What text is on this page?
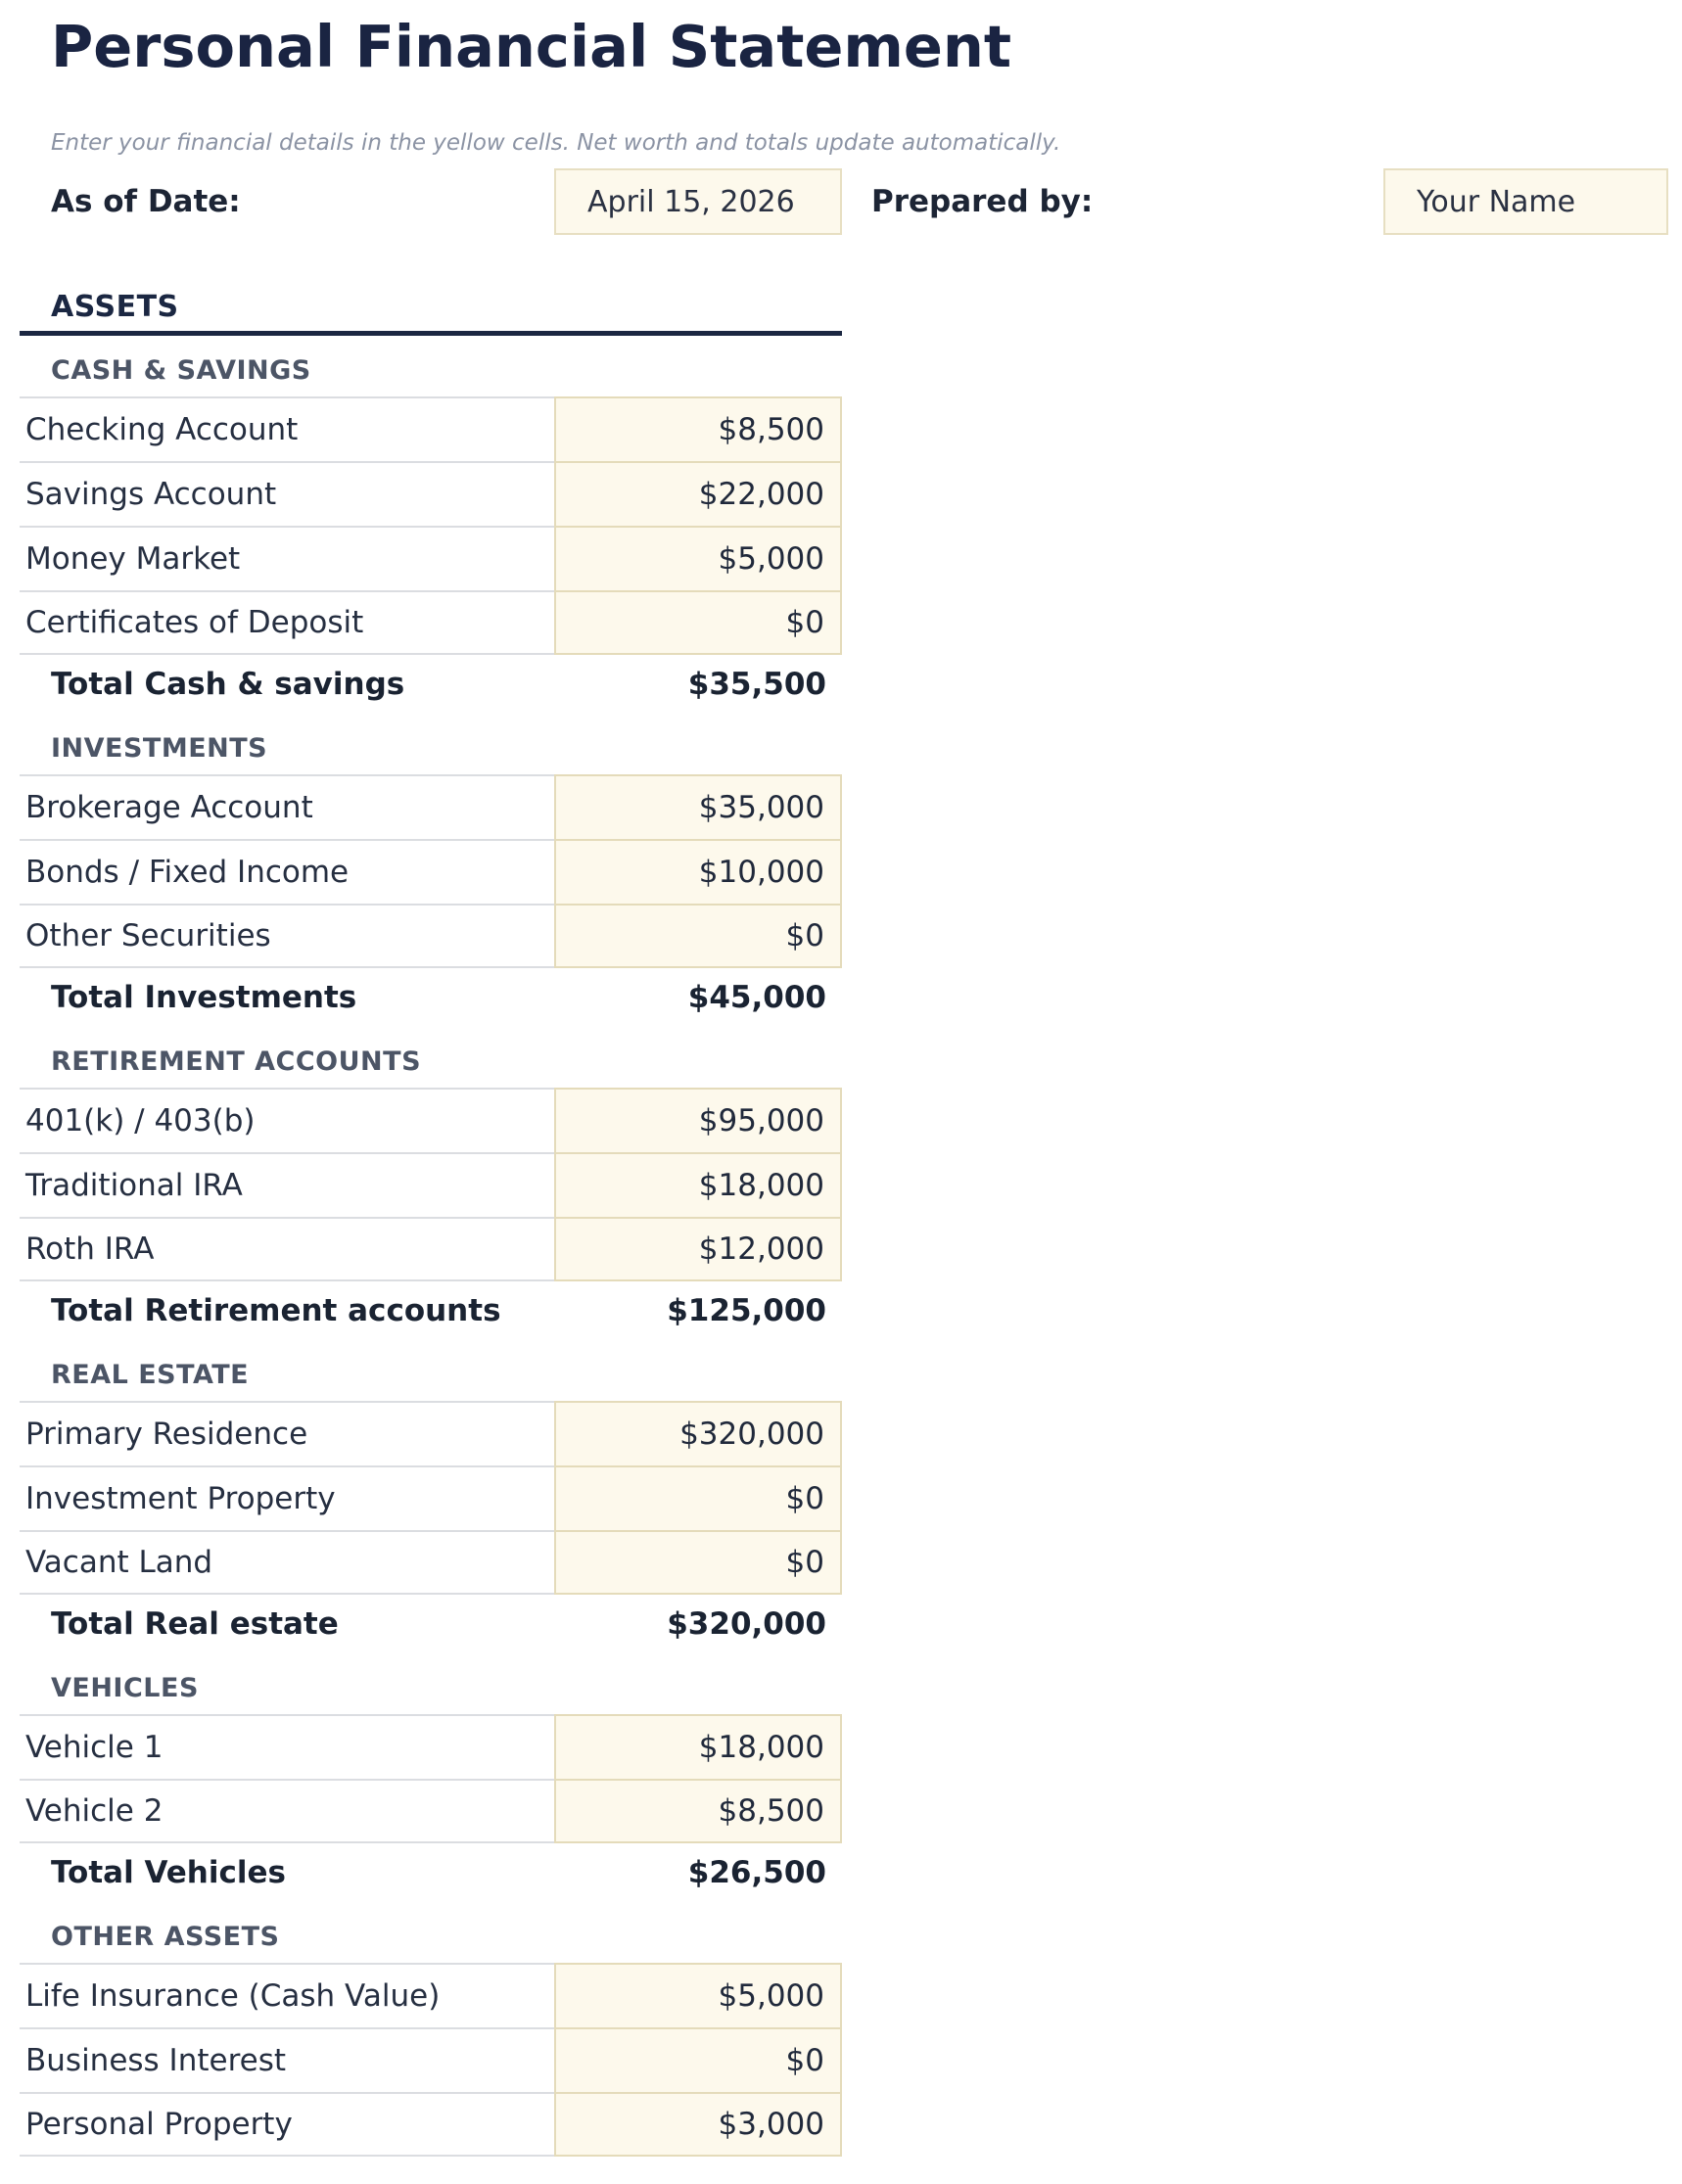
Personal Financial Statement

Enter your financial details in the yellow cells. Net worth and totals update automatically.

As of Date:	April 15, 2026	Prepared by:	Your Name
ASSETS
CASH & SAVINGS
Checking Account	$8,500
Savings Account	$22,000
Money Market	$5,000
Certificates of Deposit	$0
Total Cash & savings	$35,500
INVESTMENTS
Brokerage Account	$35,000
Bonds / Fixed Income	$10,000
Other Securities	$0
Total Investments	$45,000
RETIREMENT ACCOUNTS
401(k) / 403(b)	$95,000
Traditional IRA	$18,000
Roth IRA	$12,000
Total Retirement accounts	$125,000
REAL ESTATE
Primary Residence	$320,000
Investment Property	$0
Vacant Land	$0
Total Real estate	$320,000
VEHICLES
Vehicle 1	$18,000
Vehicle 2	$8,500
Total Vehicles	$26,500
OTHER ASSETS
Life Insurance (Cash Value)	$5,000
Business Interest	$0
Personal Property	$3,000
